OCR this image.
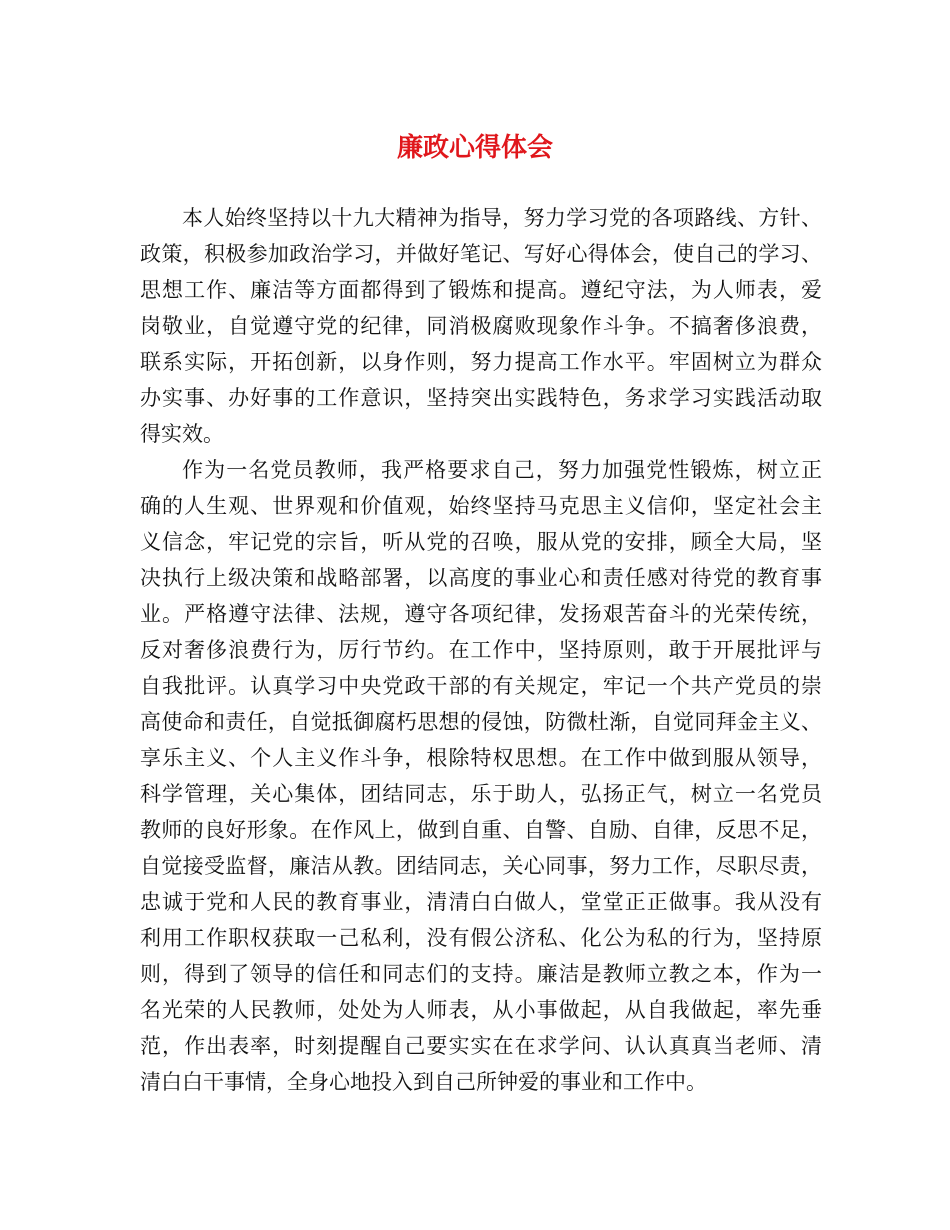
廉政心得体会
本人始终坚持以十九大精神为指导，努力学习党的各项路线、方针、
政策，积极参加政治学习，并做好笔记、写好心得体会，使自己的学习、
思想工作、廉洁等方面都得到了锻炼和提高。遵纪守法，为人师表，爱
岗敬业，自觉遵守党的纪律，同消极腐败现象作斗争。不搞奢侈浪费，
联系实际，开拓创新，以身作则，努力提高工作水平。牢固树立为群众
办实事、办好事的工作意识，坚持突出实践特色，务求学习实践活动取
得实效。
作为一名党员教师，我严格要求自己，努力加强党性锻炼，树立正
确的人生观、世界观和价值观，始终坚持马克思主义信仰，坚定社会主
义信念，牢记党的宗旨，听从党的召唤，服从党的安排，顾全大局，坚
决执行上级决策和战略部署，以高度的事业心和责任感对待党的教育事
业。严格遵守法律、法规，遵守各项纪律，发扬艰苦奋斗的光荣传统，
反对奢侈浪费行为，厉行节约。在工作中，坚持原则，敢于开展批评与
自我批评。认真学习中央党政干部的有关规定，牢记一个共产党员的崇
高使命和责任，自觉抵御腐朽思想的侵蚀，防微杜渐，自觉同拜金主义、
享乐主义、个人主义作斗争，根除特权思想。在工作中做到服从领导，
科学管理，关心集体，团结同志，乐于助人，弘扬正气，树立一名党员
教师的良好形象。在作风上，做到自重、自警、自励、自律，反思不足，
自觉接受监督，廉洁从教。团结同志，关心同事，努力工作，尽职尽责，
忠诚于党和人民的教育事业，清清白白做人，堂堂正正做事。我从没有
利用工作职权获取一己私利，没有假公济私、化公为私的行为，坚持原
则，得到了领导的信任和同志们的支持。廉洁是教师立教之本，作为一
名光荣的人民教师，处处为人师表，从小事做起，从自我做起，率先垂
范，作出表率，时刻提醒自己要实实在在求学问、认认真真当老师、清
清白白干事情，全身心地投入到自己所钟爱的事业和工作中。
